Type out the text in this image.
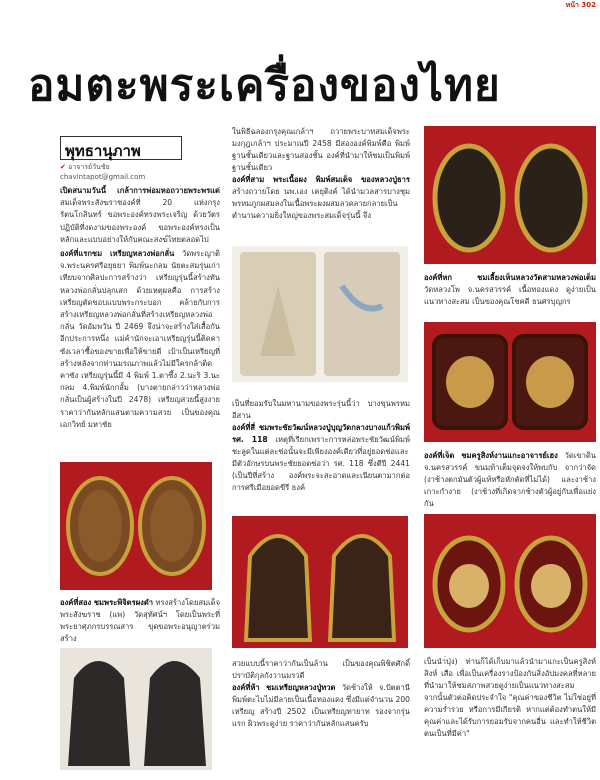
หน้า 302
อมตะพระเครื่องของไทย
พุทธานุภาพ
✔ อาจารย์วันชัย
chavintapot@gmail.com

เปิดสนามวันนี้ เกล้าการพ่อมหอถวายพระพรแด่ สมเด็จพระสังฆราชองค์ที่ 20 แห่งกรุงรัตนโกสินทร์ ขอพระองค์ทรงพระเจริญ ด้วยวัตรปฏิบัติที่งดงามของพระองค์ ขอพระองค์ทรงเป็นหลักและแบบอย่างให้กับคณะสงฆ์ไทยตลอดไป

องค์ที่แรกชม เหรียญหลวงพ่อกลั่น วัดพระญาติ จ.พระนครศรีอยุธยา พิมพ์นะกลม นัยตะสมรุ่นเก่าเทียบจากศิลปะการสร้างว่า เหรียญรุ่นนี้สร้างทันหลวงพ่อกลั่นปลุกเสก ด้วยเหตุผลคือ การสร้างเหรียญตัดขอบแบบพระกระบอก คล้ายกับการสร้างเหรียญหลวงพ่อกลั่นที่สร้างเหรียญหลวงพ่อกลั่น วัดอัมพวัน ปี 2469 จึงน่าจะสร้างใส่เสื้อกันอีกประการหนึ่ง แม่ค้านักจะเอาเหรียญรุ่นนี้ติดคาซังเวลาซื้อของขายเพื่อให้ขายดี เป้าเป็นเหรียญที่สร้างหลังจากท่านมรณภาพแล้วไม่มีใครกล้าติดคาซัง เหรียญรุ่นนี้มี 4 พิมพ์ 1.ตาซึ้ง 2.นะริ 3.นะกลม 4.พิมพ์นักกลั้ม (บางตายกล่าวว่าหลวงพ่อกลั่นเป็นผู้สร้างในปี 2478) เหรียญสวยนี้สูงงาย ราคาว่ากันหลักแสนตามความสวย เป็นของคุณเอกวิทย์ มหาชัย

องค์ที่สอง ชมพระพิจิตรผงดำ ทรงสร้างโดยสมเด็จพระสังฆราช (แพ) วัดสุทัศน์ฯ โดยเป็นพระที่พระยาศุภกรบรรณสาร ขุดขอพระอนุญาตร่วมสร้าง
ในพิธีฉลองกรุงคุณเกล้าฯ ถวายพระบาทสมเด็จพระมงกุฎเกล้าฯ ประมาณปี 2458 มีสององค์พิมพ์คือ พิมพ์ฐานชั้นเดียวและฐานสองชั้น องค์ที่นำมาให้ชมเป็นพิมพ์ฐานชั้นเดียว
องค์ที่สาม พระเนื้อผง พิมพ์สมเด็จ ของหลวงปู่ธาร สร้างถวายโดย นพ.เอง เคยุติงค์ ได้นำมวลสารบางชุมพรหมภูกผสมลงในเนื้อพระผงผสมลวดลายกลายเป็นตำนานความยิ่งใหญ่ของพระสมเด็จรุ่นนี้ จึง
เป็นที่ยอมรับในมหานามของพระรุ่นนี้ว่า บางขุนพรหมอีสาน
องค์ที่สี่ ชมพระชัยวัฒน์หลวงปู่บุญวัดกลางบางแก้วพิมพ์ รศ. 118 เหตุที่เรียกเพราะการหล่อพระชัยวัฒน์พิมพ์ชะลูดในแต่ละช่อนั้นจะมีเพียงองค์เดียวที่อยู่ยอดช่อและมีตัวอักษรบนพระชัยยอดช่อว่า รศ. 118 ซึ่งตีปี 2441 (เป็นปีที่สร้าง องค์พระจะสะอาดและเนียนตามากต่อการศรีเมือยอดขีรี ธงค์
สวยแบบนี้ราคาว่ากันเป็นล้าน เป็นของคุณพิชิตศักดิ์ปราบัติกุลกังวานมรวดี
องค์ที่ห้า ชมเหรียญหลวงปู่ทวด วัดช้างให้ จ.ปัตตานี พิมพ์ตะไบไม่มีลายเป็นเนื้อทองแดง ซึ่งมีแต่จำนวน 200 เหรียญ สร้างปี 2502 เป็นเหรียญทายาท รองจากรุ่นแรก ผิวพระดูง่าย ราคาว่ากันหลักแสนครับ
องค์ที่หก ชมเลี้ยงเห็นหลวงวัดสามหลวงพ่อเต็ม วัดหลวงโพ จ.นครสวรรค์ เนื้อทองแดง ดูง่ายเป็นแนวทางสะสม เป็นของคุณโชคดี ธนศรบุญกร
องค์ที่เจ็ด ชมครูสิงห์งานแกะอาจารย์เฮง วัดเขาดิน จ.นครสวรรค์ ขนมท้าเต็มจุดจงให้พบกับ จากว่าจัด (งาช้างตกมันตัวผู้แท้หรือหักตัดที่ไม่ได้) และงาช้างเกาะกำงาย (งาช้างที่เกิดจากช้างตัวผู้อยู่กับเพื่อแย่งกัน
เป็นนำ่ปุ่ง) ท่านก็ได้เก็บมาแล้วนำมาแกะเป็นครูสิงห์ สิงห์ เสือ เพื่อเป็นเครื่องรางป้องกันสิ่งอัปมงคลที่หลาย ที่นำมาให้ชมสภาพสวยดูง่ายเป็นแนวทางสะสม
จากนั้นตัวต่อคิดประจำใจ "คุณค่าของชีวิต ไม่ใช่อยู่ที่ความร่ำรวย หรือการมีเกียรติ หากแต่ต้องทำตนให้มีคุณค่าและได้รับการยอมรับจากคนอื่น และทำให้ชีวิตตนเป็นที่มีค่า"
